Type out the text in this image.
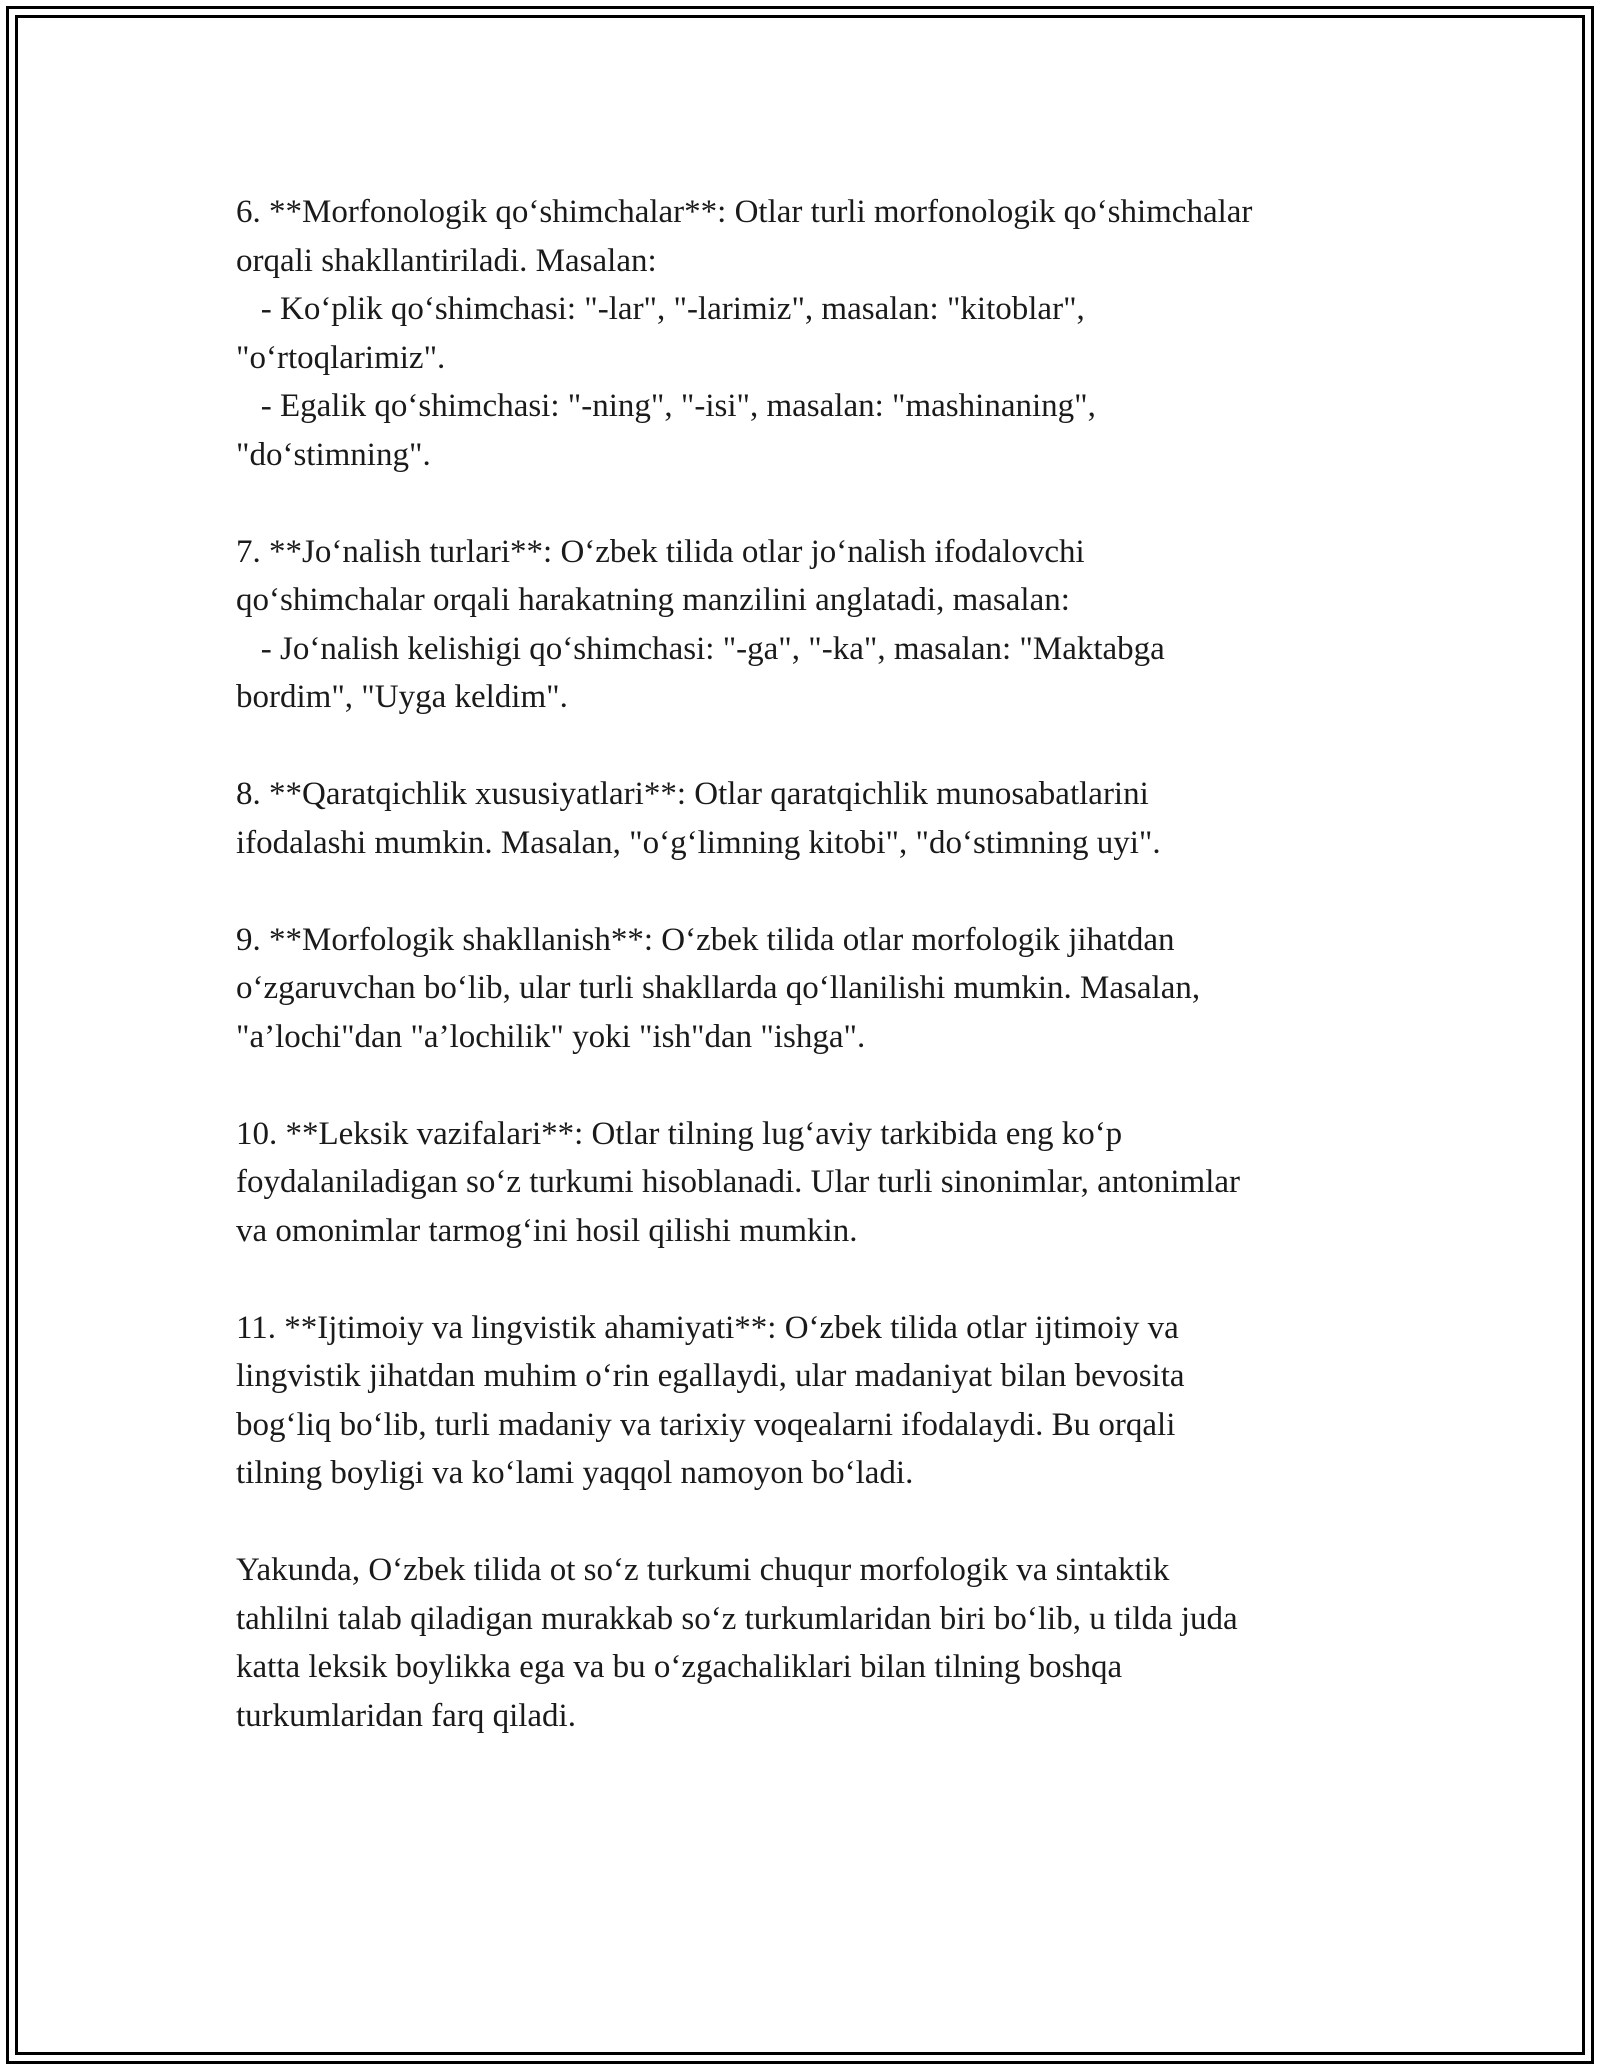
6. **Morfonologik qo‘shimchalar**: Otlar turli morfonologik qo‘shimchalar
orqali shakllantiriladi. Masalan:
- Ko‘plik qo‘shimchasi: "-lar", "-larimiz", masalan: "kitoblar",
"o‘rtoqlarimiz".
- Egalik qo‘shimchasi: "-ning", "-isi", masalan: "mashinaning",
"do‘stimning".
7. **Jo‘nalish turlari**: O‘zbek tilida otlar jo‘nalish ifodalovchi
qo‘shimchalar orqali harakatning manzilini anglatadi, masalan:
- Jo‘nalish kelishigi qo‘shimchasi: "-ga", "-ka", masalan: "Maktabga
bordim", "Uyga keldim".
8. **Qaratqichlik xususiyatlari**: Otlar qaratqichlik munosabatlarini
ifodalashi mumkin. Masalan, "o‘g‘limning kitobi", "do‘stimning uyi".
9. **Morfologik shakllanish**: O‘zbek tilida otlar morfologik jihatdan
o‘zgaruvchan bo‘lib, ular turli shakllarda qo‘llanilishi mumkin. Masalan,
"a’lochi"dan "a’lochilik" yoki "ish"dan "ishga".
10. **Leksik vazifalari**: Otlar tilning lug‘aviy tarkibida eng ko‘p
foydalaniladigan so‘z turkumi hisoblanadi. Ular turli sinonimlar, antonimlar
va omonimlar tarmog‘ini hosil qilishi mumkin.
11. **Ijtimoiy va lingvistik ahamiyati**: O‘zbek tilida otlar ijtimoiy va
lingvistik jihatdan muhim o‘rin egallaydi, ular madaniyat bilan bevosita
bog‘liq bo‘lib, turli madaniy va tarixiy voqealarni ifodalaydi. Bu orqali
tilning boyligi va ko‘lami yaqqol namoyon bo‘ladi.
Yakunda, O‘zbek tilida ot so‘z turkumi chuqur morfologik va sintaktik
tahlilni talab qiladigan murakkab so‘z turkumlaridan biri bo‘lib, u tilda juda
katta leksik boylikka ega va bu o‘zgachaliklari bilan tilning boshqa
turkumlaridan farq qiladi.
